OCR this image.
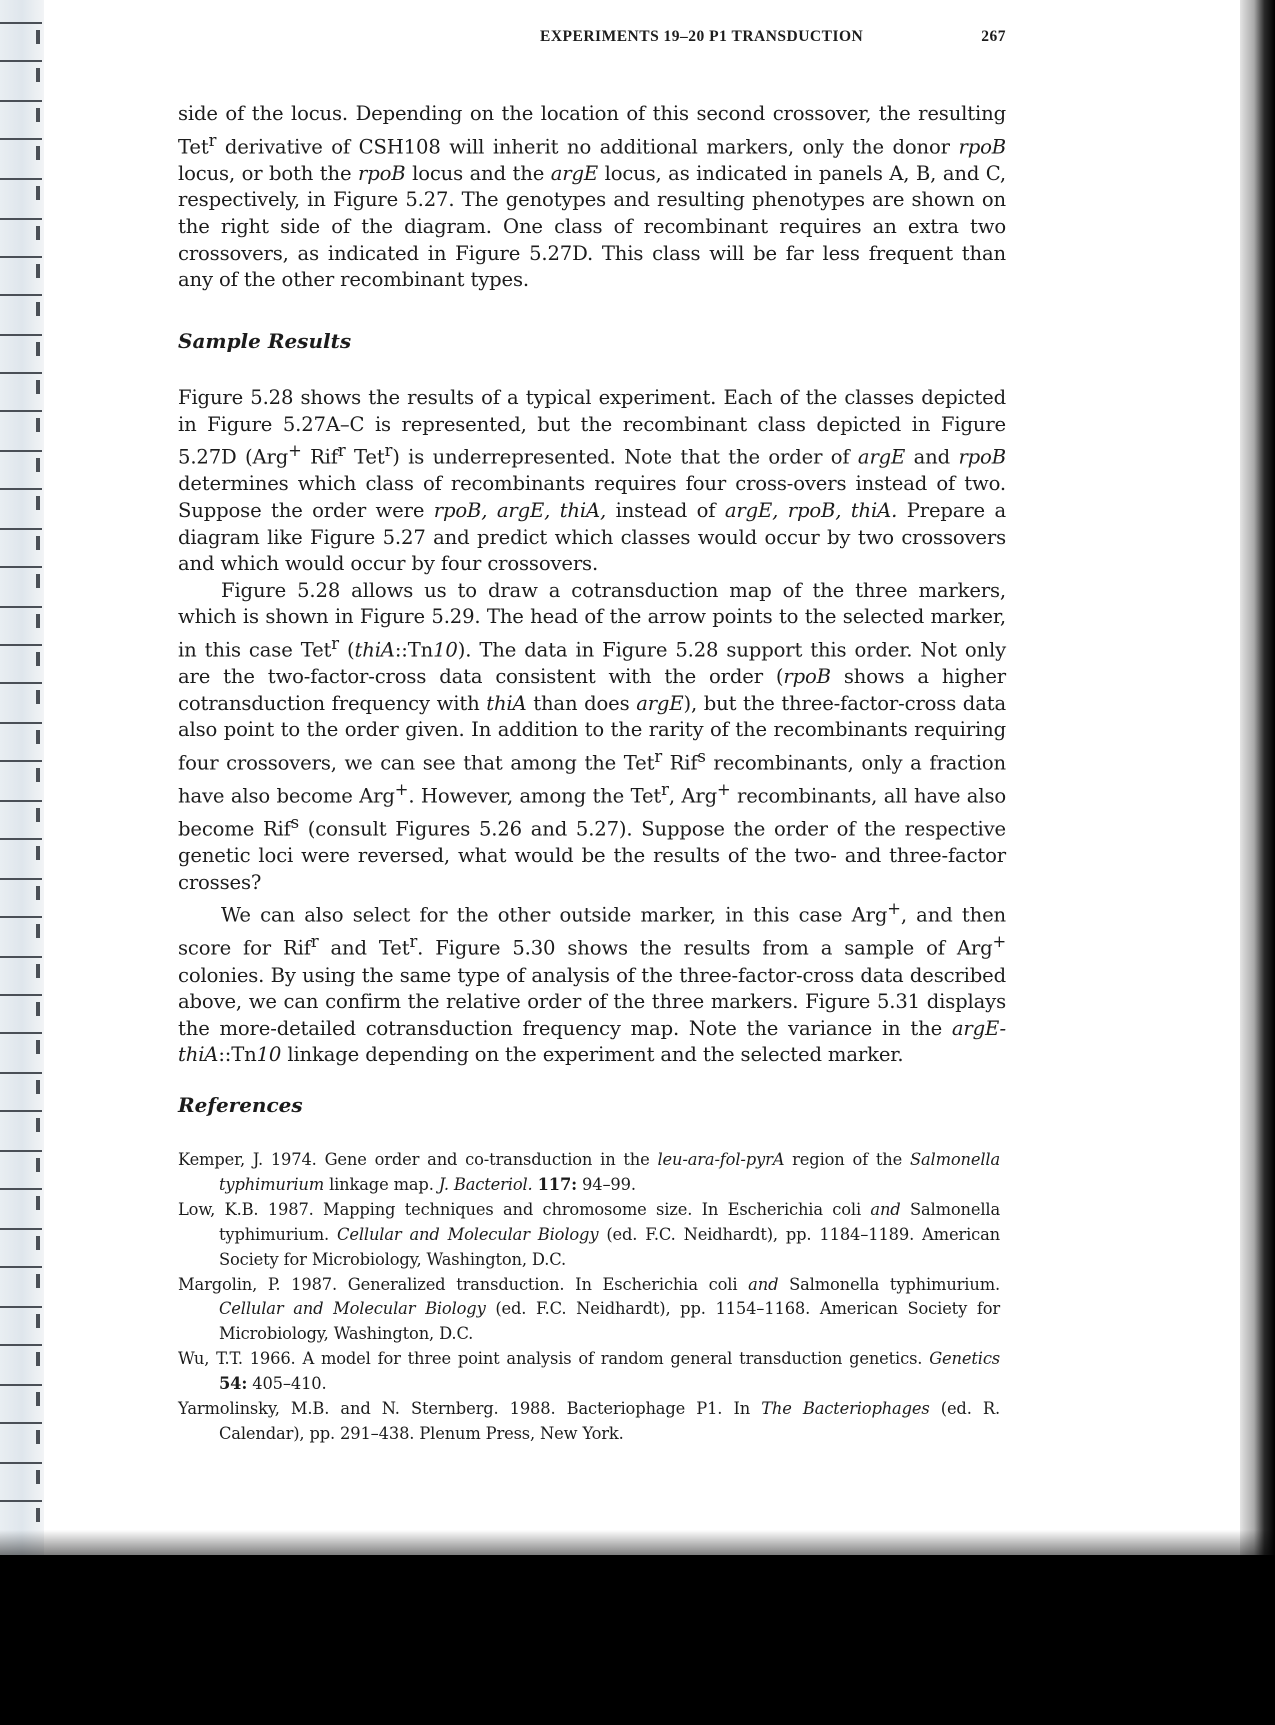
EXPERIMENTS 19–20 P1 TRANSDUCTION	267

side of the locus. Depending on the location of this second crossover, the resulting Tet$^r$ derivative of CSH108 will inherit no additional markers, only the donor rpoB locus, or both the rpoB locus and the argE locus, as indicated in panels A, B, and C, respectively, in Figure 5.27. The genotypes and resulting phenotypes are shown on the right side of the diagram. One class of recombinant requires an extra two crossovers, as indicated in Figure 5.27D. This class will be far less frequent than any of the other recombinant types.

Sample Results

Figure 5.28 shows the results of a typical experiment. Each of the classes depicted in Figure 5.27A–C is represented, but the recombinant class depicted in Figure 5.27D (Arg+ Rif$^r$ Tet$^r$) is underrepresented. Note that the order of argE and rpoB determines which class of recombinants requires four cross-overs instead of two. Suppose the order were rpoB, argE, thiA, instead of argE, rpoB, thiA. Prepare a diagram like Figure 5.27 and predict which classes would occur by two crossovers and which would occur by four crossovers.

Figure 5.28 allows us to draw a cotransduction map of the three markers, which is shown in Figure 5.29. The head of the arrow points to the selected marker, in this case Tet$^r$ (thiA::Tn10). The data in Figure 5.28 support this order. Not only are the two-factor-cross data consistent with the order (rpoB shows a higher cotransduction frequency with thiA than does argE), but the three-factor-cross data also point to the order given. In addition to the rarity of the recombinants requiring four crossovers, we can see that among the Tet$^r$ Rif$^s$ recombinants, only a fraction have also become Arg+. However, among the Tet$^r$, Arg+ recombinants, all have also become Rif$^s$ (consult Figures 5.26 and 5.27). Suppose the order of the respective genetic loci were reversed, what would be the results of the two- and three-factor crosses?

We can also select for the other outside marker, in this case Arg+, and then score for Rif$^r$ and Tet$^r$. Figure 5.30 shows the results from a sample of Arg+ colonies. By using the same type of analysis of the three-factor-cross data described above, we can confirm the relative order of the three markers. Figure 5.31 displays the more-detailed cotransduction frequency map. Note the variance in the argE-thiA::Tn10 linkage depending on the experiment and the selected marker.

References

Kemper, J. 1974. Gene order and co-transduction in the leu-ara-fol-pyrA region of the Salmonella typhimurium linkage map. J. Bacteriol. 117: 94–99.

Low, K.B. 1987. Mapping techniques and chromosome size. In Escherichia coli and Salmonella typhimurium. Cellular and Molecular Biology (ed. F.C. Neidhardt), pp. 1184–1189. American Society for Microbiology, Washington, D.C.

Margolin, P. 1987. Generalized transduction. In Escherichia coli and Salmonella typhimurium. Cellular and Molecular Biology (ed. F.C. Neidhardt), pp. 1154–1168. American Society for Microbiology, Washington, D.C.

Wu, T.T. 1966. A model for three point analysis of random general transduction genetics. Genetics 54: 405–410.

Yarmolinsky, M.B. and N. Sternberg. 1988. Bacteriophage P1. In The Bacteriophages (ed. R. Calendar), pp. 291–438. Plenum Press, New York.
